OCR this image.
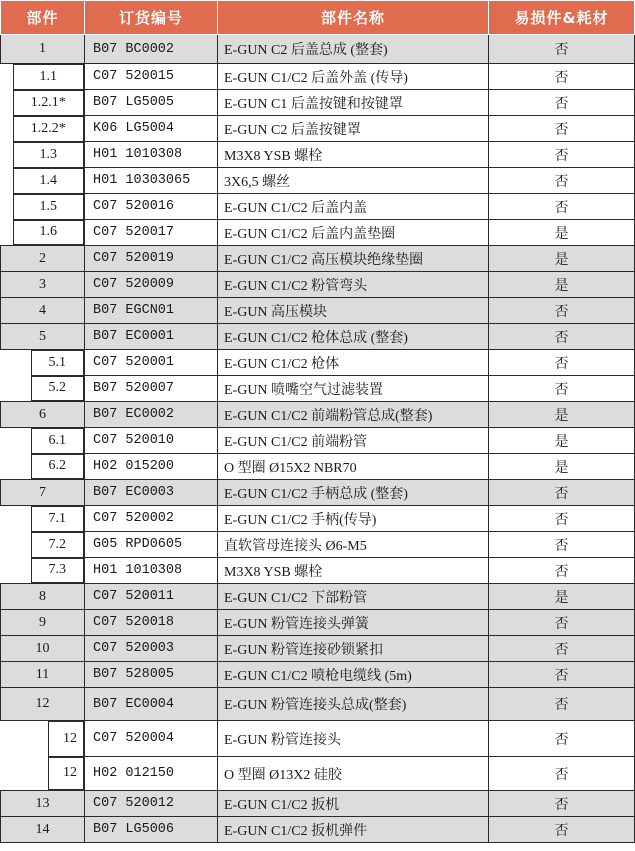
部件	订货编号	部件名称	易损件&耗材
1	B07 BC0002	E-GUN C2 后盖总成 (整套)	否

1.1	C07 520015	E-GUN C1/C2 后盖外盖 (传导)	否

1.2.1*	B07 LG5005	E-GUN C1 后盖按键和按键罩	否

1.2.2*	K06 LG5004	E-GUN C2 后盖按键罩	否

1.3	H01 1010308	M3X8 YSB 螺栓	否

1.4	H01 10303065	3X6,5 螺丝	否

1.5	C07 520016	E-GUN C1/C2 后盖内盖	否

1.6	C07 520017	E-GUN C1/C2 后盖内盖垫圈	是
2	C07 520019	E-GUN C1/C2 高压模块绝缘垫圈	是
3	C07 520009	E-GUN C1/C2 粉管弯头	是
4	B07 EGCN01	E-GUN 高压模块	否
5	B07 EC0001	E-GUN C1/C2 枪体总成 (整套)	否

5.1	C07 520001	E-GUN C1/C2 枪体	否

5.2	B07 520007	E-GUN 喷嘴空气过滤装置	否
6	B07 EC0002	E-GUN C1/C2 前端粉管总成(整套)	是

6.1	C07 520010	E-GUN C1/C2 前端粉管	是

6.2	H02 015200	O 型圈 Ø15X2 NBR70	是
7	B07 EC0003	E-GUN C1/C2 手柄总成 (整套)	否

7.1	C07 520002	E-GUN C1/C2 手柄(传导)	否

7.2	G05 RPD0605	直软管母连接头 Ø6-M5	否

7.3	H01 1010308	M3X8 YSB 螺栓	否
8	C07 520011	E-GUN C1/C2 下部粉管	是
9	C07 520018	E-GUN 粉管连接头弹簧	否
10	C07 520003	E-GUN 粉管连接砂锁紧扣	否
11	B07 528005	E-GUN C1/C2 喷枪电缆线 (5m)	否
12	B07 EC0004	E-GUN 粉管连接头总成(整套)	否

12	C07 520004	E-GUN 粉管连接头	否

12	H02 012150	O 型圈 Ø13X2 硅胶	否
13	C07 520012	E-GUN C1/C2 扳机	否
14	B07 LG5006	E-GUN C1/C2 扳机弹件	否
